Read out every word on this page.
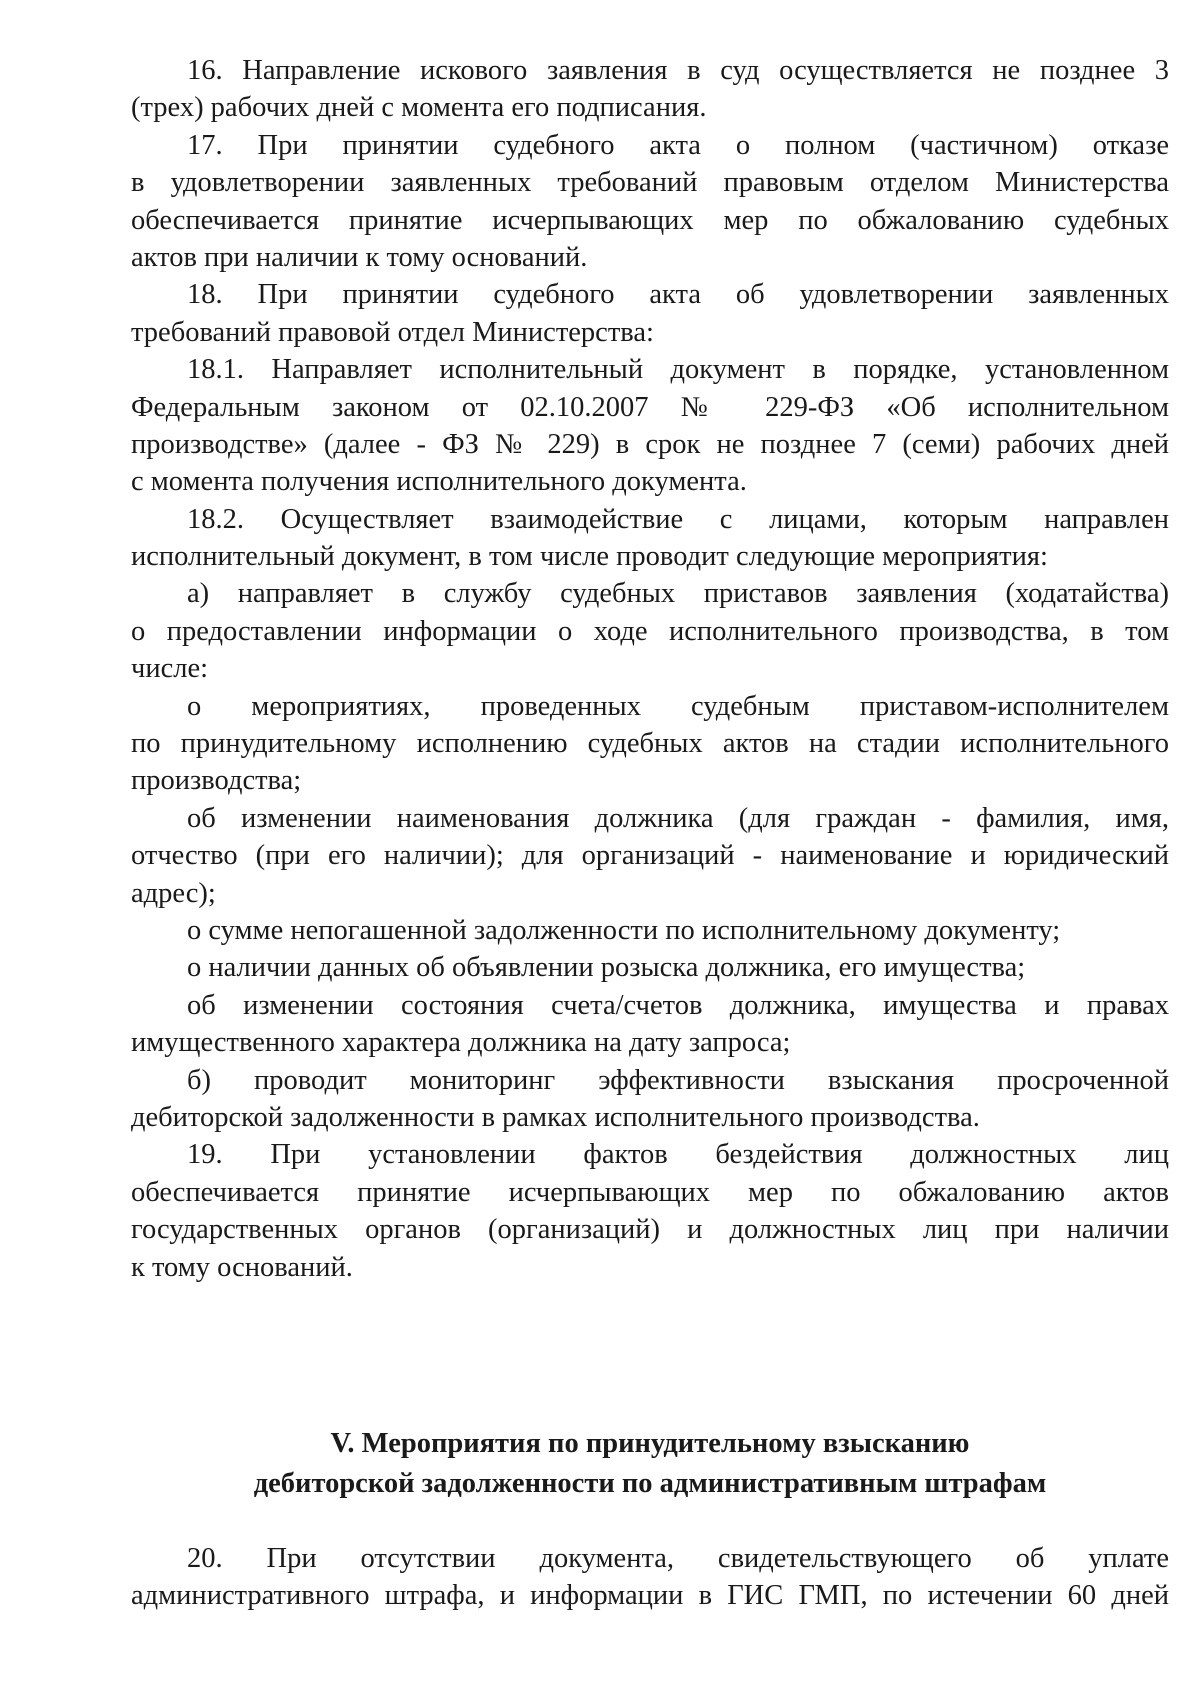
16. Направление искового заявления в суд осуществляется не позднее 3
(трех) рабочих дней с момента его подписания.
17. При принятии судебного акта о полном (частичном) отказе
в удовлетворении заявленных требований правовым отделом Министерства
обеспечивается принятие исчерпывающих мер по обжалованию судебных
актов при наличии к тому оснований.
18. При принятии судебного акта об удовлетворении заявленных
требований правовой отдел Министерства:
18.1. Направляет исполнительный документ в порядке, установленном
Федеральным законом от 02.10.2007 № 229-ФЗ «Об исполнительном
производстве» (далее - ФЗ № 229) в срок не позднее 7 (семи) рабочих дней
с момента получения исполнительного документа.
18.2. Осуществляет взаимодействие с лицами, которым направлен
исполнительный документ, в том числе проводит следующие мероприятия:
а) направляет в службу судебных приставов заявления (ходатайства)
о предоставлении информации о ходе исполнительного производства, в том
числе:
о мероприятиях, проведенных судебным приставом-исполнителем
по принудительному исполнению судебных актов на стадии исполнительного
производства;
об изменении наименования должника (для граждан - фамилия, имя,
отчество (при его наличии); для организаций - наименование и юридический
адрес);
о сумме непогашенной задолженности по исполнительному документу;
о наличии данных об объявлении розыска должника, его имущества;
об изменении состояния счета/счетов должника, имущества и правах
имущественного характера должника на дату запроса;
б) проводит мониторинг эффективности взыскания просроченной
дебиторской задолженности в рамках исполнительного производства.
19. При установлении фактов бездействия должностных лиц
обеспечивается принятие исчерпывающих мер по обжалованию актов
государственных органов (организаций) и должностных лиц при наличии
к тому оснований.
V. Мероприятия по принудительному взысканию
дебиторской задолженности по административным штрафам
20. При отсутствии документа, свидетельствующего об уплате
административного штрафа, и информации в ГИС ГМП, по истечении 60 дней
